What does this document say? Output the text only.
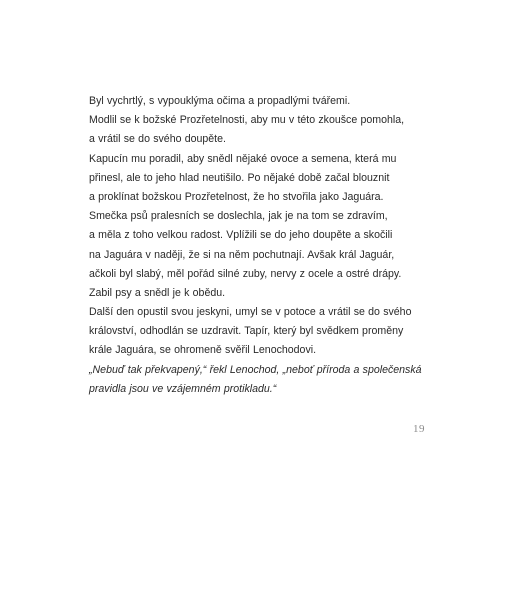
Byl vychrtlý, s vypouklýma očima a propadlými tvářemi.
Modlil se k božské Prozřetelnosti, aby mu v této zkoušce pomohla,
a vrátil se do svého doupěte.
Kapucín mu poradil, aby snědl nějaké ovoce a semena, která mu
přinesl, ale to jeho hlad neutišilo. Po nějaké době začal blouznit
a proklínat božskou Prozřetelnost, že ho stvořila jako Jaguára.
Smečka psů pralesních se doslechla, jak je na tom se zdravím,
a měla z toho velkou radost. Vplížili se do jeho doupěte a skočili
na Jaguára v naději, že si na něm pochutnají. Avšak král Jaguár,
ačkoli byl slabý, měl pořád silné zuby, nervy z ocele a ostré drápy.
Zabil psy a snědl je k obědu.
Další den opustil svou jeskyni, umyl se v potoce a vrátil se do svého
království, odhodlán se uzdravit. Tapír, který byl svědkem proměny
krále Jaguára, se ohromeně svěřil Lenochodovi.
„Nebuď tak překvapený,“ řekl Lenochod, „neboť příroda a společenská
pravidla jsou ve vzájemném protikladu.“
19
